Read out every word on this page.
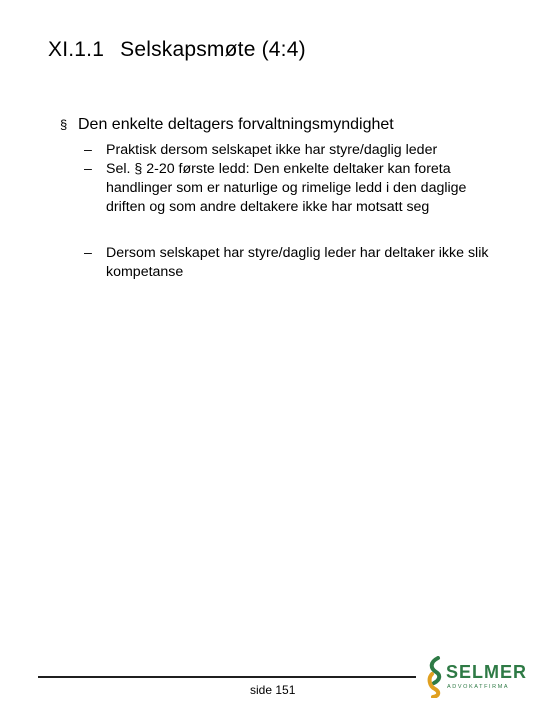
XI.1.1 Selskapsmøte (4:4)
§ Den enkelte deltagers forvaltningsmyndighet
– Praktisk dersom selskapet ikke har styre/daglig leder
– Sel. § 2-20 første ledd: Den enkelte deltaker kan foreta handlinger som er naturlige og rimelige ledd i den daglige driften og som andre deltakere ikke har motsatt seg
– Dersom selskapet har styre/daglig leder har deltaker ikke slik kompetanse
side 151
SELMER
ADVOKATFIRMA
